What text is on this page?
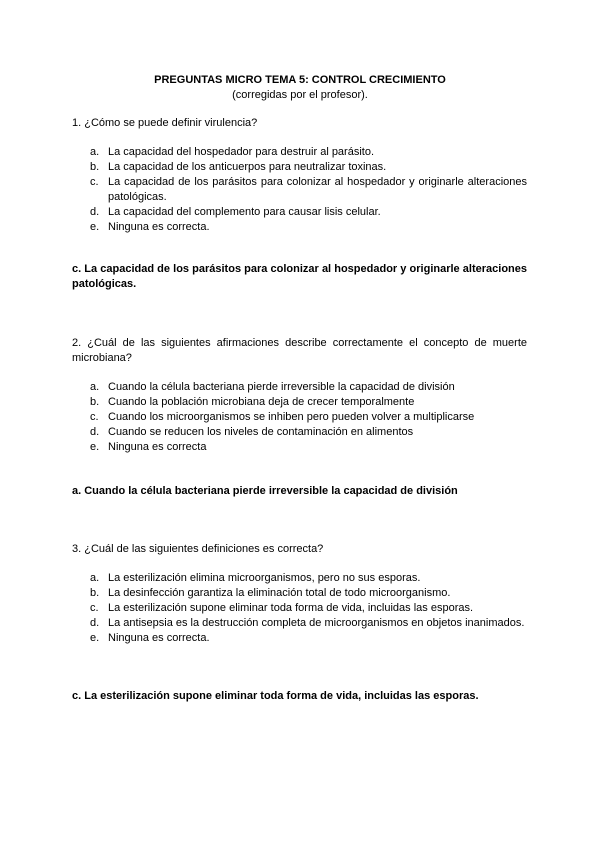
PREGUNTAS MICRO TEMA 5: CONTROL CRECIMIENTO
(corregidas por el profesor).
1. ¿Cómo se puede definir virulencia?
a. La capacidad del hospedador para destruir al parásito.
b. La capacidad de los anticuerpos para neutralizar toxinas.
c. La capacidad de los parásitos para colonizar al hospedador y originarle alteraciones patológicas.
d. La capacidad del complemento para causar lisis celular.
e. Ninguna es correcta.
c. La capacidad de los parásitos para colonizar al hospedador y originarle alteraciones patológicas.
2. ¿Cuál de las siguientes afirmaciones describe correctamente el concepto de muerte microbiana?
a. Cuando la célula bacteriana pierde irreversible la capacidad de división
b. Cuando la población microbiana deja de crecer temporalmente
c. Cuando los microorganismos se inhiben pero pueden volver a multiplicarse
d. Cuando se reducen los niveles de contaminación en alimentos
e. Ninguna es correcta
a. Cuando la célula bacteriana pierde irreversible la capacidad de división
3. ¿Cuál de las siguientes definiciones es correcta?
a. La esterilización elimina microorganismos, pero no sus esporas.
b. La desinfección garantiza la eliminación total de todo microorganismo.
c. La esterilización supone eliminar toda forma de vida, incluidas las esporas.
d. La antisepsia es la destrucción completa de microorganismos en objetos inanimados.
e. Ninguna es correcta.
c. La esterilización supone eliminar toda forma de vida, incluidas las esporas.
